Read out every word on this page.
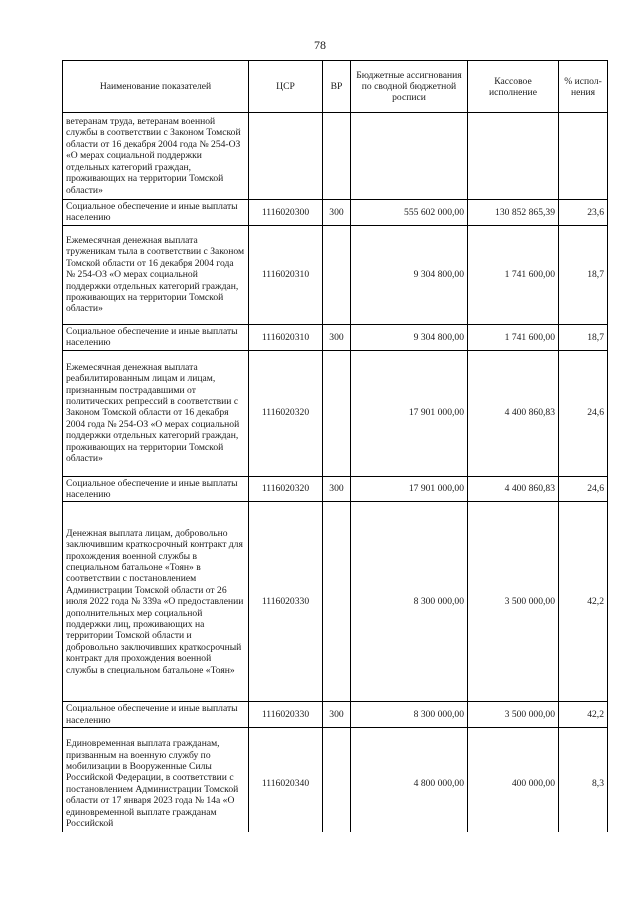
78
Наименование показателей	ЦСР	ВР	Бюджетные ассигнования по сводной бюджетной росписи	Кассовое исполнение	% испол-нения
ветеранам труда, ветеранам военной службы в соответствии с Законом Томской области от 16 декабря 2004 года № 254-ОЗ «О мерах социальной поддержки отдельных категорий граждан, проживающих на территории Томской области»					
Социальное обеспечение и иные выплаты населению	1116020300	300	555 602 000,00	130 852 865,39	23,6
Ежемесячная денежная выплата труженикам тыла в соответствии с Законом Томской области от 16 декабря 2004 года № 254-ОЗ «О мерах социальной поддержки отдельных категорий граждан, проживающих на территории Томской области»	1116020310		9 304 800,00	1 741 600,00	18,7
Социальное обеспечение и иные выплаты населению	1116020310	300	9 304 800,00	1 741 600,00	18,7
Ежемесячная денежная выплата реабилитированным лицам и лицам, признанным пострадавшими от политических репрессий в соответствии с Законом Томской области от 16 декабря 2004 года № 254-ОЗ «О мерах социальной поддержки отдельных категорий граждан, проживающих на территории Томской области»	1116020320		17 901 000,00	4 400 860,83	24,6
Социальное обеспечение и иные выплаты населению	1116020320	300	17 901 000,00	4 400 860,83	24,6
Денежная выплата лицам, добровольно заключившим краткосрочный контракт для прохождения военной службы в специальном батальоне «Тоян» в соответствии с постановлением Администрации Томской области от 26 июля 2022 года № 339а «О предоставлении дополнительных мер социальной поддержки лиц, проживающих на территории Томской области и добровольно заключивших краткосрочный контракт для прохождения военной службы в специальном батальоне «Тоян»	1116020330		8 300 000,00	3 500 000,00	42,2
Социальное обеспечение и иные выплаты населению	1116020330	300	8 300 000,00	3 500 000,00	42,2
Единовременная выплата гражданам, призванным на военную службу по мобилизации в Вооруженные Силы Российской Федерации, в соответствии с постановлением Администрации Томской области от 17 января 2023 года № 14а «О единовременной выплате гражданам Российской	1116020340		4 800 000,00	400 000,00	8,3
